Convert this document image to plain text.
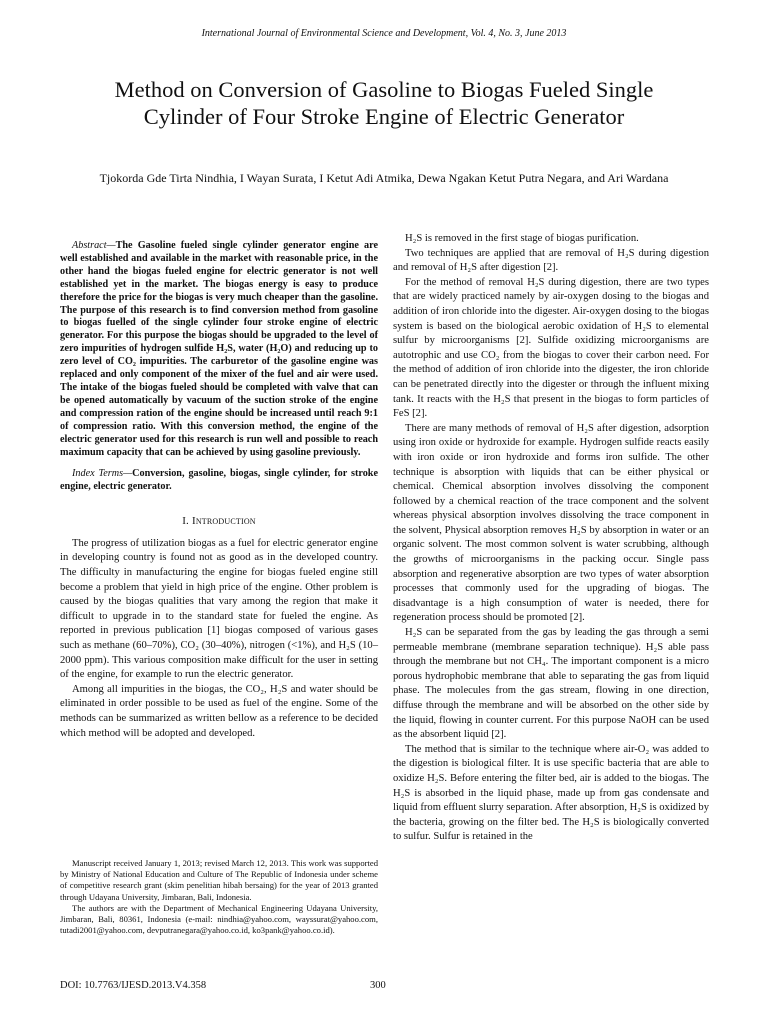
International Journal of Environmental Science and Development, Vol. 4, No. 3, June 2013
Method on Conversion of Gasoline to Biogas Fueled Single Cylinder of Four Stroke Engine of Electric Generator
Tjokorda Gde Tirta Nindhia, I Wayan Surata, I Ketut Adi Atmika, Dewa Ngakan Ketut Putra Negara, and Ari Wardana
Abstract—The Gasoline fueled single cylinder generator engine are well established and available in the market with reasonable price, in the other hand the biogas fueled engine for electric generator is not well established yet in the market. The biogas energy is easy to produce therefore the price for the biogas is very much cheaper than the gasoline. The purpose of this research is to find conversion method from gasoline to biogas fuelled of the single cylinder four stroke engine of electric generator. For this purpose the biogas should be upgraded to the level of zero impurities of hydrogen sulfide H₂S, water (H₂O) and reducing up to zero level of CO₂ impurities. The carburetor of the gasoline engine was replaced and only component of the mixer of the fuel and air were used. The intake of the biogas fueled should be completed with valve that can be opened automatically by vacuum of the suction stroke of the engine and compression ration of the engine should be increased until reach 9:1 of compression ratio. With this conversion method, the engine of the electric generator used for this research is run well and possible to reach maximum capacity that can be achieved by using gasoline previously.
Index Terms—Conversion, gasoline, biogas, single cylinder, for stroke engine, electric generator.
I. Introduction

The progress of utilization biogas as a fuel for electric generator engine in developing country is found not as good as in the developed country. The difficulty in manufacturing the engine for biogas fueled engine still become a problem that yield in high price of the engine. Other problem is caused by the biogas qualities that vary among the region that make it difficult to upgrade in to the standard state for fueled the engine. As reported in previous publication [1] biogas composed of various gases such as methane (60–70%), CO₂ (30–40%), nitrogen (<1%), and H₂S (10–2000 ppm). This various composition make difficult for the user in setting of the engine, for example to run the electric generator.

Among all impurities in the biogas, the CO₂, H₂S and water should be eliminated in order possible to be used as fuel of the engine. Some of the methods can be summarized as written bellow as a reference to be decided which method will be adopted and developed.

Manuscript received January 1, 2013; revised March 12, 2013. This work was supported by Ministry of National Education and Culture of The Republic of Indonesia under scheme of competitive research grant (skim penelitian hibah bersaing) for the year of 2013 granted through Udayana University, Jimbaran, Bali, Indonesia.

The authors are with the Department of Mechanical Engineering Udayana University, Jimbaran, Bali, 80361, Indonesia (e-mail: nindhia@yahoo.com, wayssurat@yahoo.com, tutadi2001@yahoo.com, devputranegara@yahoo.co.id, ko3pank@yahoo.co.id).

H₂S is removed in the first stage of biogas purification.

Two techniques are applied that are removal of H₂S during digestion and removal of H₂S after digestion [2].

For the method of removal H₂S during digestion, there are two types that are widely practiced namely by air-oxygen dosing to the biogas and addition of iron chloride into the digester. Air-oxygen dosing to the biogas system is based on the biological aerobic oxidation of H₂S to elemental sulfur by microorganisms [2]. Sulfide oxidizing microorganisms are autotrophic and use CO₂ from the biogas to cover their carbon need. For the method of addition of iron chloride into the digester, the iron chloride can be penetrated directly into the digester or through the influent mixing tank. It reacts with the H₂S that present in the biogas to form particles of FeS [2].

There are many methods of removal of H₂S after digestion, adsorption using iron oxide or hydroxide for example. Hydrogen sulfide reacts easily with iron oxide or iron hydroxide and forms iron sulfide. The other technique is absorption with liquids that can be either physical or chemical. Chemical absorption involves dissolving the component followed by a chemical reaction of the trace component and the solvent whereas physical absorption involves dissolving the trace component in the solvent, Physical absorption removes H₂S by absorption in water or an organic solvent. The most common solvent is water scrubbing, although the growths of microorganisms in the packing occur. Single pass absorption and regenerative absorption are two types of water absorption processes that commonly used for the upgrading of biogas. The disadvantage is a high consumption of water is needed, there for regeneration process should be promoted [2].

H₂S can be separated from the gas by leading the gas through a semi permeable membrane (membrane separation technique). H₂S able pass through the membrane but not CH₄. The important component is a micro porous hydrophobic membrane that able to separating the gas from liquid phase. The molecules from the gas stream, flowing in one direction, diffuse through the membrane and will be absorbed on the other side by the liquid, flowing in counter current. For this purpose NaOH can be used as the absorbent liquid [2].

The method that is similar to the technique where air-O₂ was added to the digestion is biological filter. It is use specific bacteria that are able to oxidize H₂S. Before entering the filter bed, air is added to the biogas. The H₂S is absorbed in the liquid phase, made up from gas condensate and liquid from effluent slurry separation. After absorption, H₂S is oxidized by the bacteria, growing on the filter bed. The H₂S is biologically converted to sulfur. Sulfur is retained in the

DOI: 10.7763/IJESD.2013.V4.358	300
